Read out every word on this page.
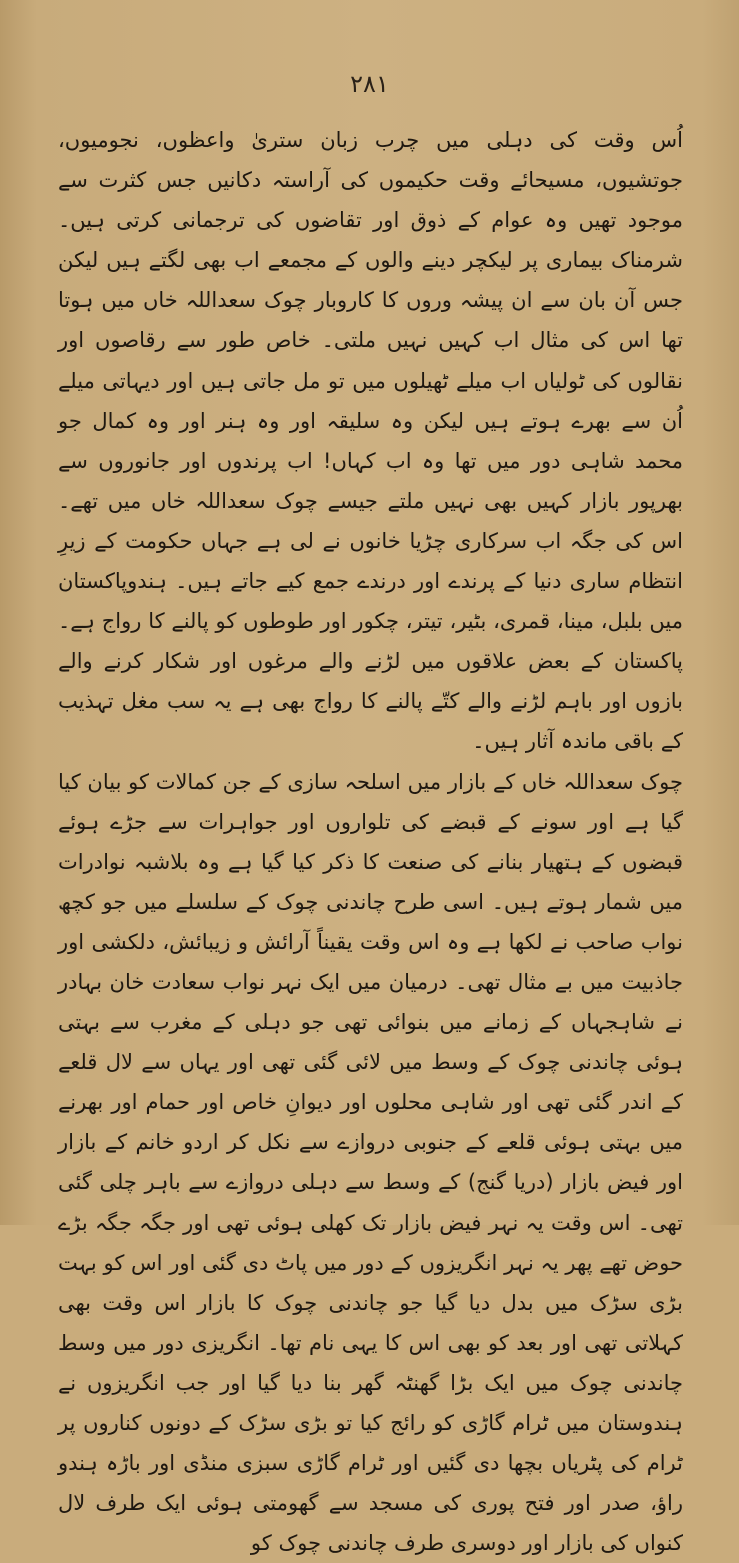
۲۸۱

اُس وقت کی دہلی میں چرب زبان ستریٰ واعظوں، نجومیوں، جوتشیوں، مسیحائے وقت حکیموں کی آراستہ دکانیں جس کثرت سے موجود تھیں وہ عوام کے ذوق اور تقاضوں کی ترجمانی کرتی ہیں۔ شرمناک بیماری پر لیکچر دینے والوں کے مجمعے اب بھی لگتے ہیں لیکن جس آن بان سے ان پیشہ وروں کا کاروبار چوک سعداللہ خاں میں ہوتا تھا اس کی مثال اب کہیں نہیں ملتی۔ خاص طور سے رقاصوں اور نقالوں کی ٹولیاں اب میلے ٹھیلوں میں تو مل جاتی ہیں اور دیہاتی میلے اُن سے بھرے ہوتے ہیں لیکن وہ سلیقہ اور وہ ہنر اور وہ کمال جو محمد شاہی دور میں تھا وہ اب کہاں! اب پرندوں اور جانوروں سے بھرپور بازار کہیں بھی نہیں ملتے جیسے چوک سعداللہ خاں میں تھے۔ اس کی جگہ اب سرکاری چڑیا خانوں نے لی ہے جہاں حکومت کے زیرِ انتظام ساری دنیا کے پرندے اور درندے جمع کیے جاتے ہیں۔ ہندوپاکستان میں بلبل، مینا، قمری، بٹیر، تیتر، چکور اور طوطوں کو پالنے کا رواج ہے۔ پاکستان کے بعض علاقوں میں لڑنے والے مرغوں اور شکار کرنے والے بازوں اور باہم لڑنے والے کتّے پالنے کا رواج بھی ہے یہ سب مغل تہذیب کے باقی ماندہ آثار ہیں۔

چوک سعداللہ خاں کے بازار میں اسلحہ سازی کے جن کمالات کو بیان کیا گیا ہے اور سونے کے قبضے کی تلواروں اور جواہرات سے جڑے ہوئے قبضوں کے ہتھیار بنانے کی صنعت کا ذکر کیا گیا ہے وہ بلاشبہ نوادرات میں شمار ہوتے ہیں۔ اسی طرح چاندنی چوک کے سلسلے میں جو کچھ نواب صاحب نے لکھا ہے وہ اس وقت یقیناً آرائش و زیبائش، دلکشی اور جاذبیت میں بے مثال تھی۔ درمیان میں ایک نہر نواب سعادت خان بہادر نے شاہجہاں کے زمانے میں بنوائی تھی جو دہلی کے مغرب سے بہتی ہوئی چاندنی چوک کے وسط میں لائی گئی تھی اور یہاں سے لال قلعے کے اندر گئی تھی اور شاہی محلوں اور دیوانِ خاص اور حمام اور بھرنے میں بہتی ہوئی قلعے کے جنوبی دروازے سے نکل کر اردو خانم کے بازار اور فیض بازار (دریا گنج) کے وسط سے دہلی دروازے سے باہر چلی گئی تھی۔ اس وقت یہ نہر فیض بازار تک کھلی ہوئی تھی اور جگہ جگہ بڑے حوض تھے پھر یہ نہر انگریزوں کے دور میں پاٹ دی گئی اور اس کو بہت بڑی سڑک میں بدل دیا گیا جو چاندنی چوک کا بازار اس وقت بھی کہلاتی تھی اور بعد کو بھی اس کا یہی نام تھا۔ انگریزی دور میں وسط چاندنی چوک میں ایک بڑا گھنٹہ گھر بنا دیا گیا اور جب انگریزوں نے ہندوستان میں ٹرام گاڑی کو رائج کیا تو بڑی سڑک کے دونوں کناروں پر ٹرام کی پٹریاں بچھا دی گئیں اور ٹرام گاڑی سبزی منڈی اور باڑہ ہندو راؤ، صدر اور فتح پوری کی مسجد سے گھومتی ہوئی ایک طرف لال کنواں کی بازار اور دوسری طرف چاندنی چوک کو
